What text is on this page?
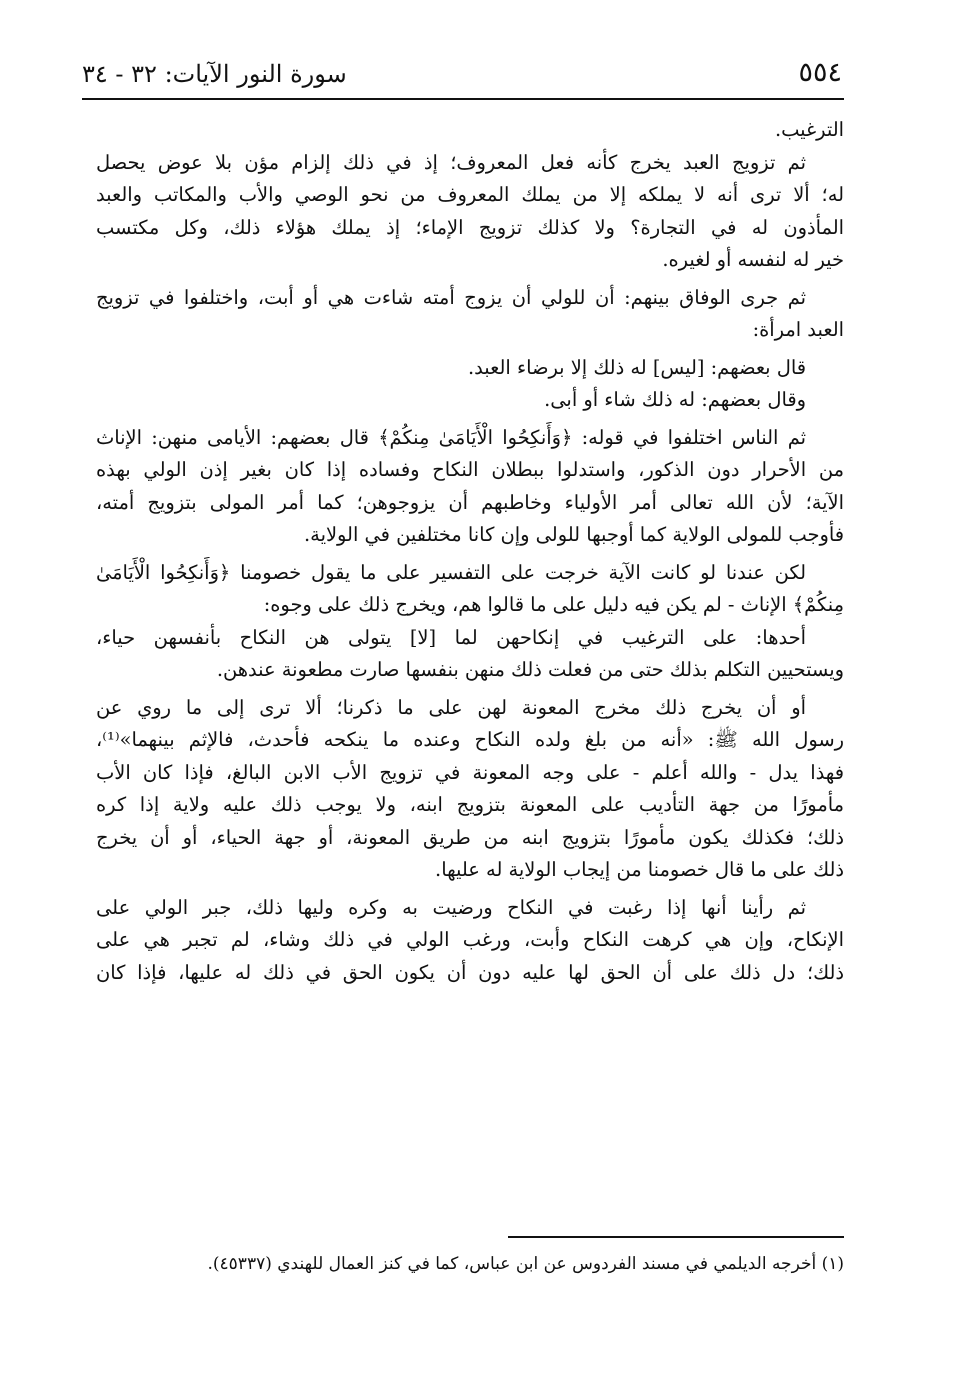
٥٥٤
سورة النور الآيات: ٣٢ - ٣٤
الترغيب.
ثم تزويج العبد يخرج كأنه فعل المعروف؛ إذ في ذلك إلزام مؤن بلا عوض يحصل
له؛ ألا ترى أنه لا يملكه إلا من يملك المعروف من نحو الوصي والأب والمكاتب والعبد
المأذون له في التجارة؟ ولا كذلك تزويج الإماء؛ إذ يملك هؤلاء ذلك، وكل مكتسب
خير له لنفسه أو لغيره.
ثم جرى الوفاق بينهم: أن للولي أن يزوج أمته شاءت هي أو أبت، واختلفوا في تزويج
العبد امرأة:
قال بعضهم: [ليس] له ذلك إلا برضاء العبد.
وقال بعضهم: له ذلك شاء أو أبى.
ثم الناس اختلفوا في قوله: ﴿وَأَنكِحُوا الْأَيَامَىٰ مِنكُمْ﴾ قال بعضهم: الأيامى منهن: الإناث
من الأحرار دون الذكور، واستدلوا ببطلان النكاح وفساده إذا كان بغير إذن الولي بهذه
الآية؛ لأن الله تعالى أمر الأولياء وخاطبهم أن يزوجوهن؛ كما أمر المولى بتزويج أمته،
فأوجب للمولى الولاية كما أوجبها للولى وإن كانا مختلفين في الولاية.
لكن عندنا لو كانت الآية خرجت على التفسير على ما يقول خصومنا ﴿وَأَنكِحُوا الْأَيَامَىٰ
مِنكُمْ﴾ الإناث - لم يكن فيه دليل على ما قالوا هم، ويخرج ذلك على وجوه:
أحدها: على الترغيب في إنكاحهن لما [لا] يتولى هن النكاح بأنفسهن حياء،
ويستحيين التكلم بذلك حتى من فعلت ذلك منهن بنفسها صارت مطعونة عندهن.
أو أن يخرج ذلك مخرج المعونة لهن على ما ذكرنا؛ ألا ترى إلى ما روي عن
رسول الله ﷺ: «أنه من بلغ ولده النكاح وعنده ما ينكحه فأحدث، فالإثم بينهما»⁽¹⁾،
فهذا يدل - والله أعلم - على وجه المعونة في تزويج الأب الابن البالغ، فإذا كان الأب
مأمورًا من جهة التأديب على المعونة بتزويج ابنه، ولا يوجب ذلك عليه ولاية إذا كره
ذلك؛ فكذلك يكون مأمورًا بتزويج ابنه من طريق المعونة، أو جهة الحياء، أو أن يخرج
ذلك على ما قال خصومنا من إيجاب الولاية له عليها.
ثم رأينا أنها إذا رغبت في النكاح ورضيت به وكره وليها ذلك، جبر الولي على
الإنكاح، وإن هي كرهت النكاح وأبت، ورغب الولي في ذلك وشاء، لم تجبر هي على
ذلك؛ دل ذلك على أن الحق لها عليه دون أن يكون الحق في ذلك له عليها، فإذا كان
(١) أخرجه الديلمي في مسند الفردوس عن ابن عباس، كما في كنز العمال للهندي (٤٥٣٣٧).
